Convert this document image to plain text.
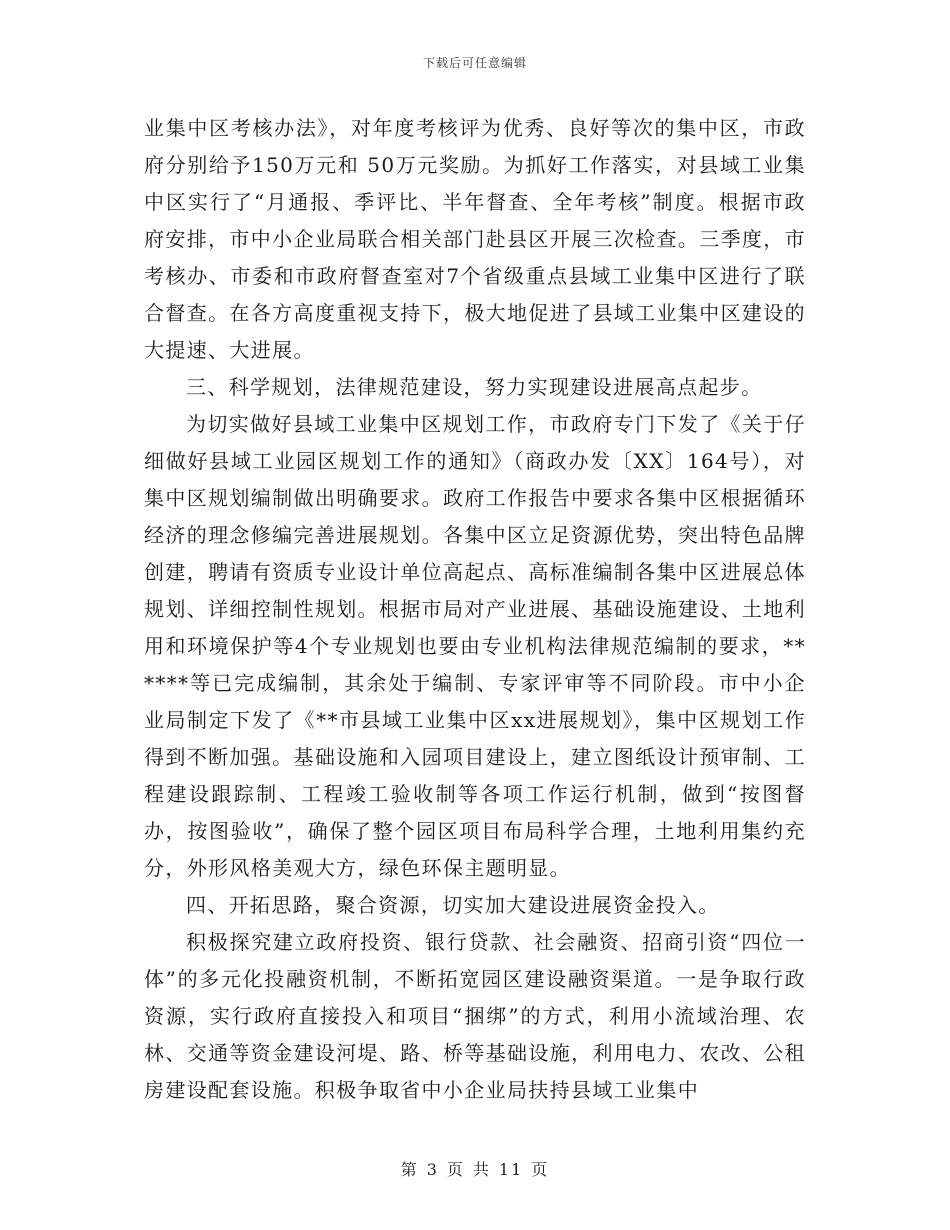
下载后可任意编辑

业集中区考核办法》，对年度考核评为优秀、良好等次的集中区，市政府分别给予150万元和 50万元奖励。为抓好工作落实，对县域工业集中区实行了“月通报、季评比、半年督查、全年考核”制度。根据市政府安排，市中小企业局联合相关部门赴县区开展三次检查。三季度，市考核办、市委和市政府督查室对7个省级重点县域工业集中区进行了联合督查。在各方高度重视支持下，极大地促进了县域工业集中区建设的大提速、大进展。

三、科学规划，法律规范建设，努力实现建设进展高点起步。

为切实做好县域工业集中区规划工作，市政府专门下发了《关于仔细做好县域工业园区规划工作的通知》（商政办发〔XX〕164号），对集中区规划编制做出明确要求。政府工作报告中要求各集中区根据循环经济的理念修编完善进展规划。各集中区立足资源优势，突出特色品牌创建，聘请有资质专业设计单位高起点、高标准编制各集中区进展总体规划、详细控制性规划。根据市局对产业进展、基础设施建设、土地利用和环境保护等4个专业规划也要由专业机构法律规范编制的要求，******等已完成编制，其余处于编制、专家评审等不同阶段。市中小企业局制定下发了《**市县域工业集中区xx进展规划》，集中区规划工作得到不断加强。基础设施和入园项目建设上，建立图纸设计预审制、工程建设跟踪制、工程竣工验收制等各项工作运行机制，做到“按图督办，按图验收”，确保了整个园区项目布局科学合理，土地利用集约充分，外形风格美观大方，绿色环保主题明显。

四、开拓思路，聚合资源，切实加大建设进展资金投入。

积极探究建立政府投资、银行贷款、社会融资、招商引资“四位一体”的多元化投融资机制，不断拓宽园区建设融资渠道。一是争取行政资源，实行政府直接投入和项目“捆绑”的方式，利用小流域治理、农林、交通等资金建设河堤、路、桥等基础设施，利用电力、农改、公租房建设配套设施。积极争取省中小企业局扶持县域工业集中

第 3 页 共 11 页
